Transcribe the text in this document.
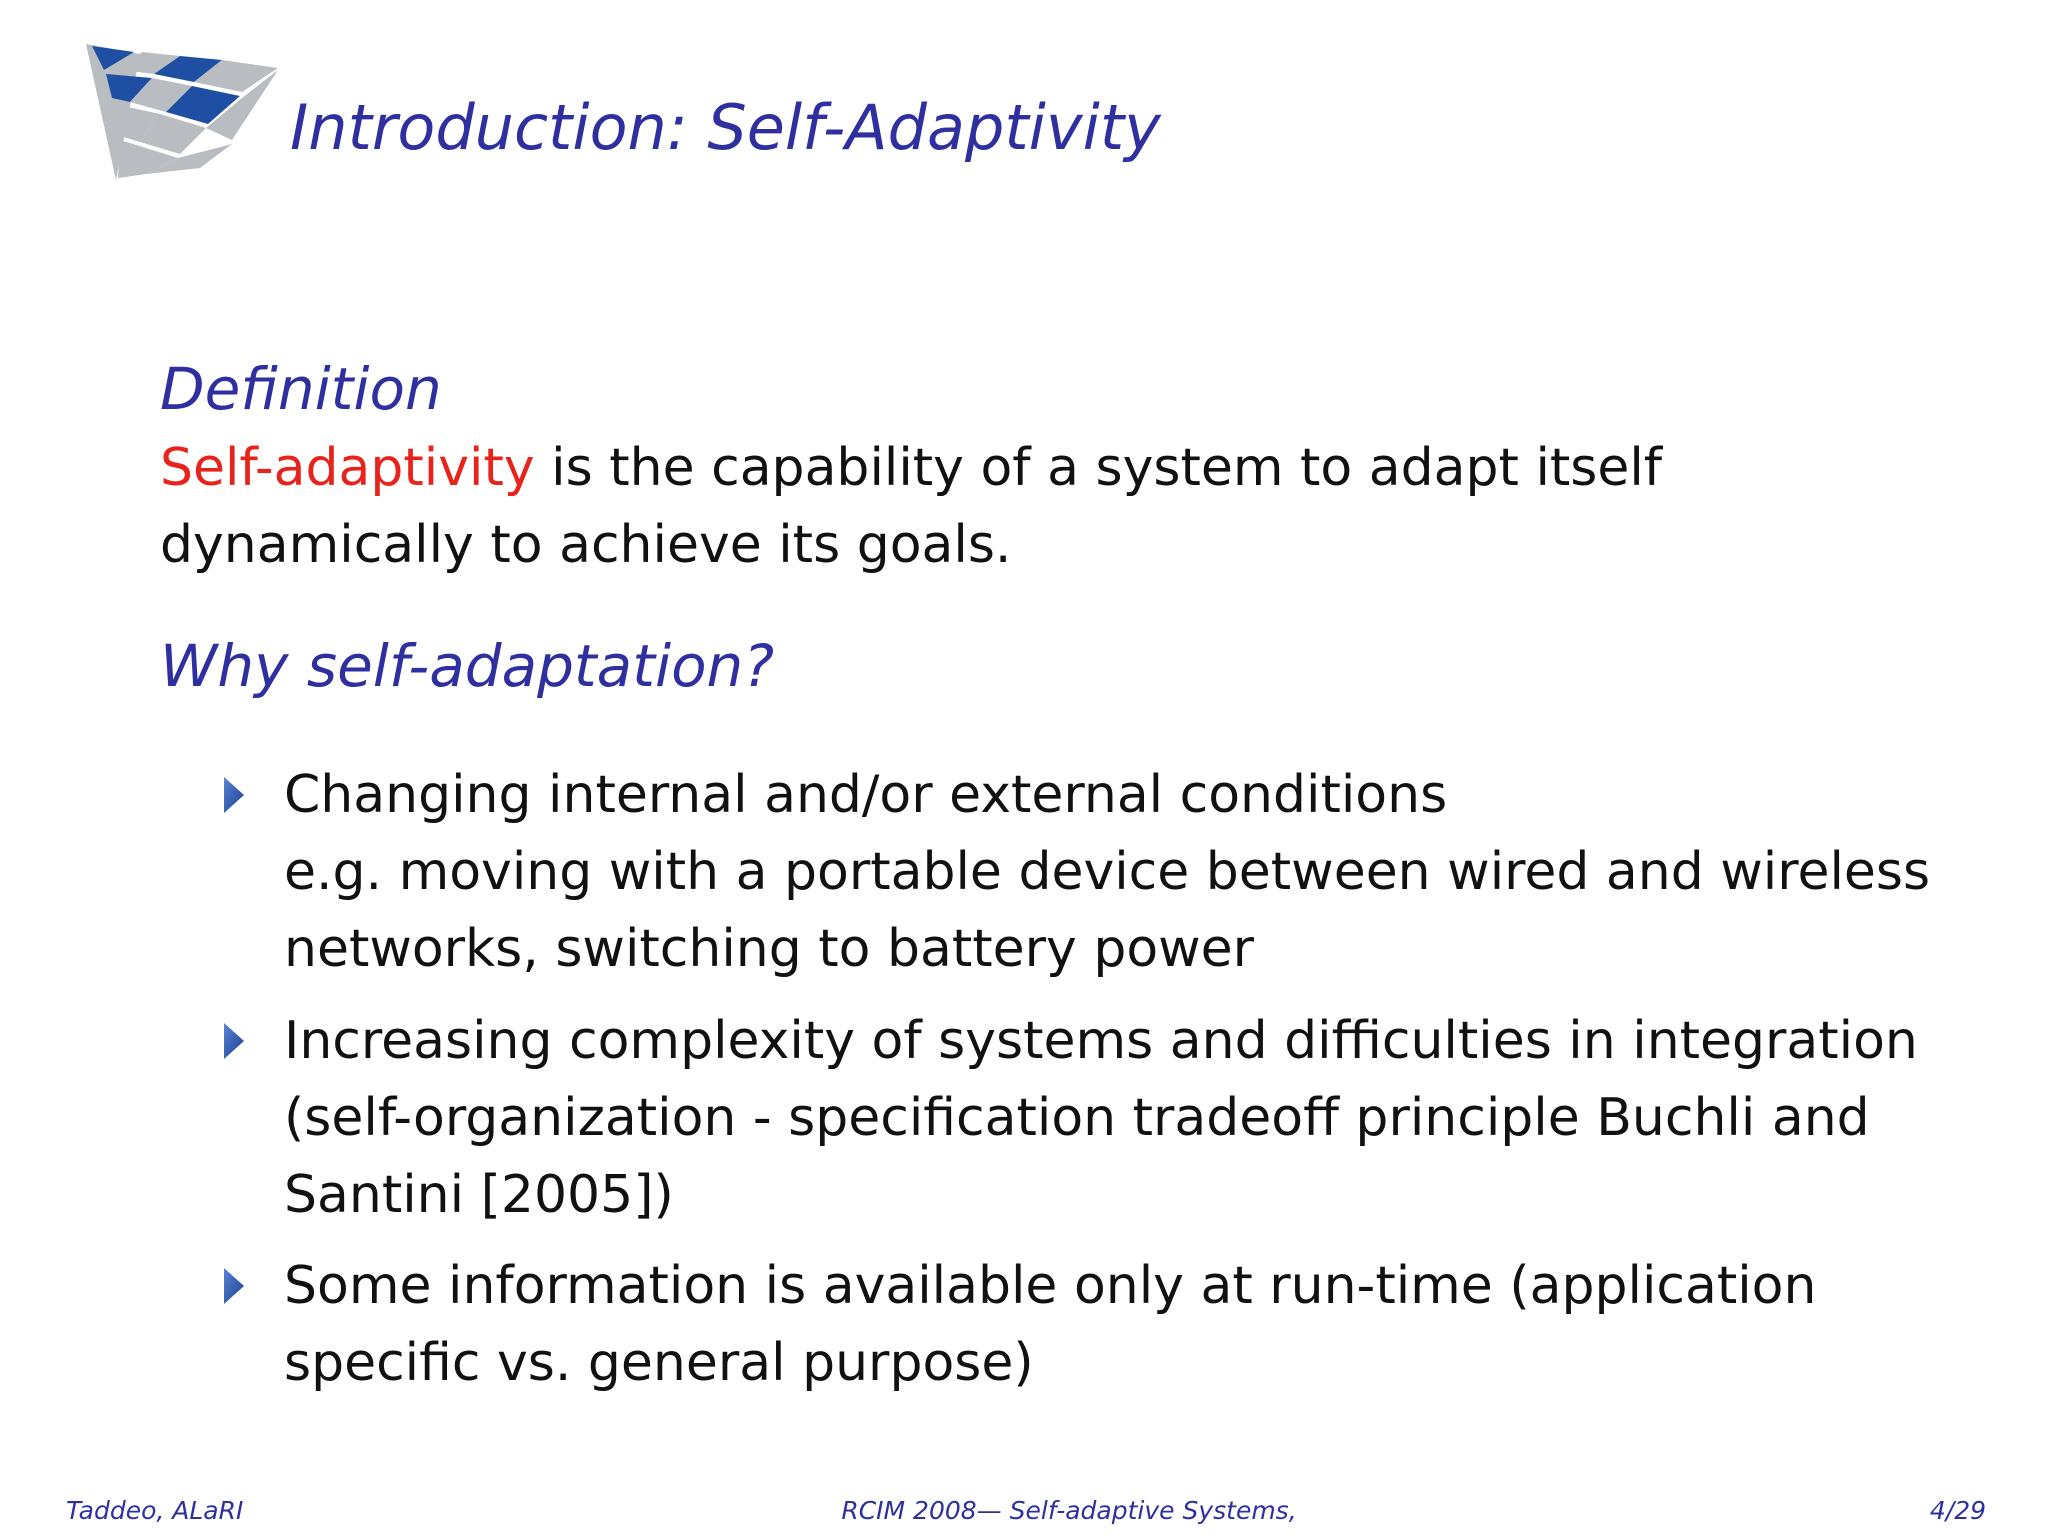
Introduction: Self-Adaptivity
Definition
Self-adaptivity is the capability of a system to adapt itself
dynamically to achieve its goals.
Why self-adaptation?
Changing internal and/or external conditions
e.g. moving with a portable device between wired and wireless
networks, switching to battery power
Increasing complexity of systems and difficulties in integration
(self-organization - specification tradeoff principle Buchli and
Santini [2005])
Some information is available only at run-time (application
specific vs. general purpose)
Taddeo, ALaRI	RCIM 2008— Self-adaptive Systems,	4/29
